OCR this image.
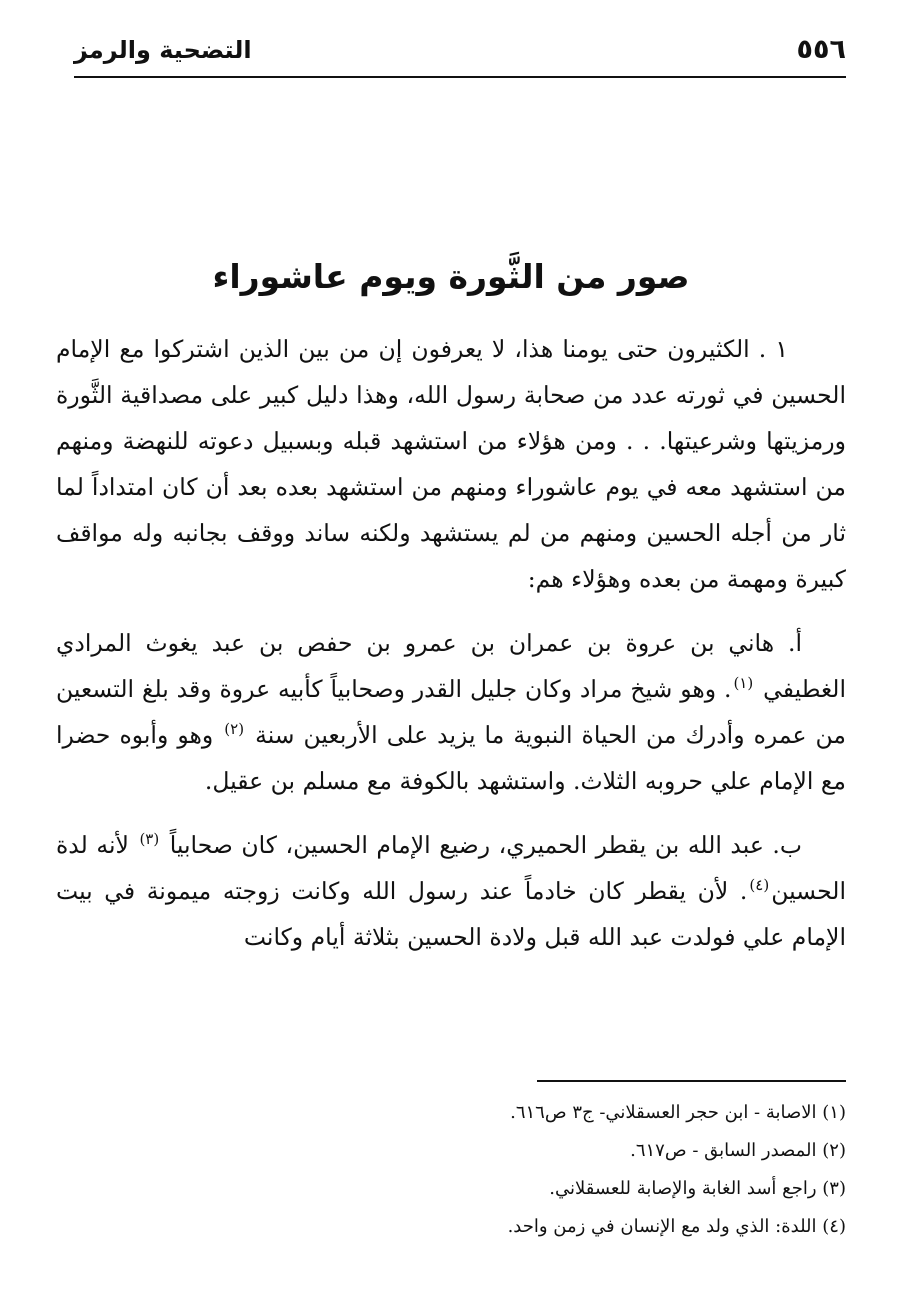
٥٥٦
التضحية والرمز
صور من الثَّورة ويوم عاشوراء

١ . الكثيرون حتى يومنا هذا، لا يعرفون إن من بين الذين اشتركوا مع الإمام الحسين في ثورته عدد من صحابة رسول الله، وهذا دليل كبير على مصداقية الثَّورة ورمزيتها وشرعيتها. . . ومن هؤلاء من استشهد قبله وبسبيل دعوته للنهضة ومنهم من استشهد معه في يوم عاشوراء ومنهم من استشهد بعده بعد أن كان امتداداً لما ثار من أجله الحسين ومنهم من لم يستشهد ولكنه ساند ووقف بجانبه وله مواقف كبيرة ومهمة من بعده وهؤلاء هم:

أ. هاني بن عروة بن عمران بن عمرو بن حفص بن عبد يغوث المرادي الغطيفي $^{(١)}$. وهو شيخ مراد وكان جليل القدر وصحابياً كأبيه عروة وقد بلغ التسعين من عمره وأدرك من الحياة النبوية ما يزيد على الأربعين سنة $^{(٢)}$ وهو وأبوه حضرا مع الإمام علي حروبه الثلاث. واستشهد بالكوفة مع مسلم بن عقيل.

ب. عبد الله بن يقطر الحميري، رضيع الإمام الحسين، كان صحابياً $^{(٣)}$ لأنه لدة الحسين$^{(٤)}$. لأن يقطر كان خادماً عند رسول الله وكانت زوجته ميمونة في بيت الإمام علي فولدت عبد الله قبل ولادة الحسين بثلاثة أيام وكانت

(١) الاصابة - ابن حجر العسقلاني- ج٣ ص٦١٦.
(٢) المصدر السابق - ص٦١٧.
(٣) راجع أسد الغابة والإصابة للعسقلاني.
(٤) اللدة: الذي ولد مع الإنسان في زمن واحد.
